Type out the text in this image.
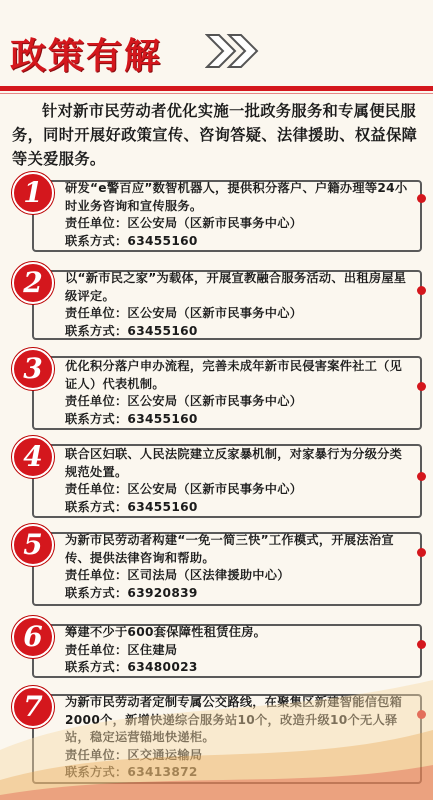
政策有解
针对新市民劳动者优化实施一批政务服务和专属便民服务，同时开展好政策宣传、咨询答疑、法律援助、权益保障等关爱服务。
1	研发“e警百应”数智机器人，提供积分落户、户籍办理等24小时业务咨询和宣传服务。
责任单位：区公安局（区新市民事务中心）
联系方式：63455160
2	以“新市民之家”为载体，开展宣教融合服务活动、出租房屋星级评定。
责任单位：区公安局（区新市民事务中心）
联系方式：63455160
3	优化积分落户申办流程，完善未成年新市民侵害案件社工（见证人）代表机制。
责任单位：区公安局（区新市民事务中心）
联系方式：63455160
4	联合区妇联、人民法院建立反家暴机制，对家暴行为分级分类规范处置。
责任单位：区公安局（区新市民事务中心）
联系方式：63455160
5	为新市民劳动者构建“一免一简三快”工作模式，开展法治宣传、提供法律咨询和帮助。
责任单位：区司法局（区法律援助中心）
联系方式：63920839
6	筹建不少于600套保障性租赁住房。
责任单位：区住建局
联系方式：63480023
7	为新市民劳动者定制专属公交路线，在聚集区新建智能信包箱2000个，新增快递综合服务站10个，改造升级10个无人驿站，稳定运营锚地快递柜。
责任单位：区交通运输局
联系方式：63413872
